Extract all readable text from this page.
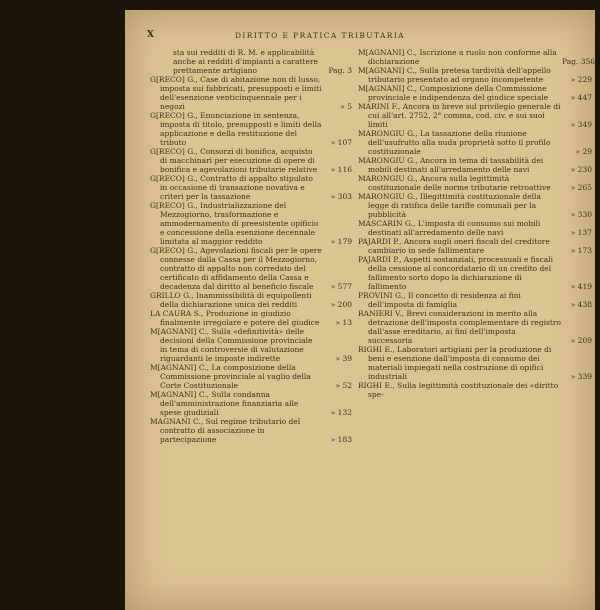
X	DIRITTO E PRATICA TRIBUTARIA
sta sui redditi di R. M. e applicabilità anche ai redditi d'impianti a carattere prettamente artigiano	Pag. 3
G[RECO] G., Case di abitazione non di lusso, imposta sui fabbricati, presupposti e limiti dell'esenzione venticinquennale per i negozi	» 5
G[RECO] G., Enunciazione in sentenza, imposta di titolo, presupposti e limiti della applicazione e della restituzione del tributo	» 107
G[RECO] G., Consorzi di bonifica, acquisto di macchinari per esecuzione di opere di bonifica e agevolazioni tributarie relative	» 116
G[RECO] G., Contratto di appalto stipulato in occasione di transazione novativa e criteri per la tassazione	» 303
G[RECO] G., Industrializzazione del Mezzogiorno, trasformazione e ammodernamento di preesistente opificio e concessione della esenzione decennale limitata al maggior reddito	» 179
G[RECO] G., Agevolazioni fiscali per le opere connesse dalla Cassa per il Mezzogiorno, contratto di appalto non corredato del certificato di affidamento della Cassa e decadenza dal diritto al beneficio fiscale	» 577
GRILLO G., Inammissibilità di equipollenti della dichiarazione unica dei redditi	» 200
LA CAURA S., Produzione in giudizio finalmente irregolare e potere del giudice	» 13
M[AGNANI] C., Sulla «definitività» delle decisioni della Commissione provinciale in tema di controversie di valutazione riguardanti le imposte indirette	» 39
M[AGNANI] C., La composizione della Commissione provinciale al vaglio della Corte Costituzionale	» 52
M[AGNANI] C., Sulla condanna dell'amministrazione finanziaria alle spese giudiziali	» 132
MAGNANI C., Sul regime tributario del contratto di associazione in partecipazione	» 183
M[AGNANI] C., Iscrizione a ruolo non conforme alla dichiarazione	Pag. 356
M[AGNANI] C., Sulla pretesa tardività dell'appello tributario presentato ad organo incompetente	» 229
M[AGNANI] C., Composizione della Commissione provinciale e indipendenza del giudice speciale	» 447
MARINI F., Ancora in breve sul privilegio generale di cui all'art. 2752, 2° comma, cod. civ. e sui suoi limiti	» 349
MARONGIU G., La tassazione della riunione dell'usufrutto alla nuda proprietà sotto il profilo costituzionale	» 29
MARONGIU G., Ancora in tema di tassabilità dei mobili destinati all'arredamento delle navi	» 230
MARONGIU G., Ancora sulla legittimità costituzionale delle norme tributarie retroattive	» 265
MARONGIU G., Illegittimità costituzionale della legge di ratifica delle tariffe comunali per la pubblicità	» 330
MASCARIN G., L'imposta di consumo sui mobili destinati all'arredamento delle navi	» 137
PAJARDI P., Ancora sugli oneri fiscali del creditore cambiario in sede fallimentare	» 173
PAJARDI P., Aspetti sostanziali, processuali e fiscali della cessione al concordatario di un credito del fallimento sorto dopo la dichiarazione di fallimento	» 419
PROVINI G., Il concetto di residenza ai fini dell'imposta di famiglia	» 438
RANIERI V., Brevi considerazioni in merito alla detrazione dell'imposta complementare di registro dall'asse ereditario, ai fini dell'imposta successoria	» 209
RIGHI E., Laboratori artigiani per la produzione di beni e esenzione dall'imposta di consumo dei materiali impiegati nella costruzione di opifici industriali	» 339
RIGHI E., Sulla legittimità costituzionale dei «diritto spe-
